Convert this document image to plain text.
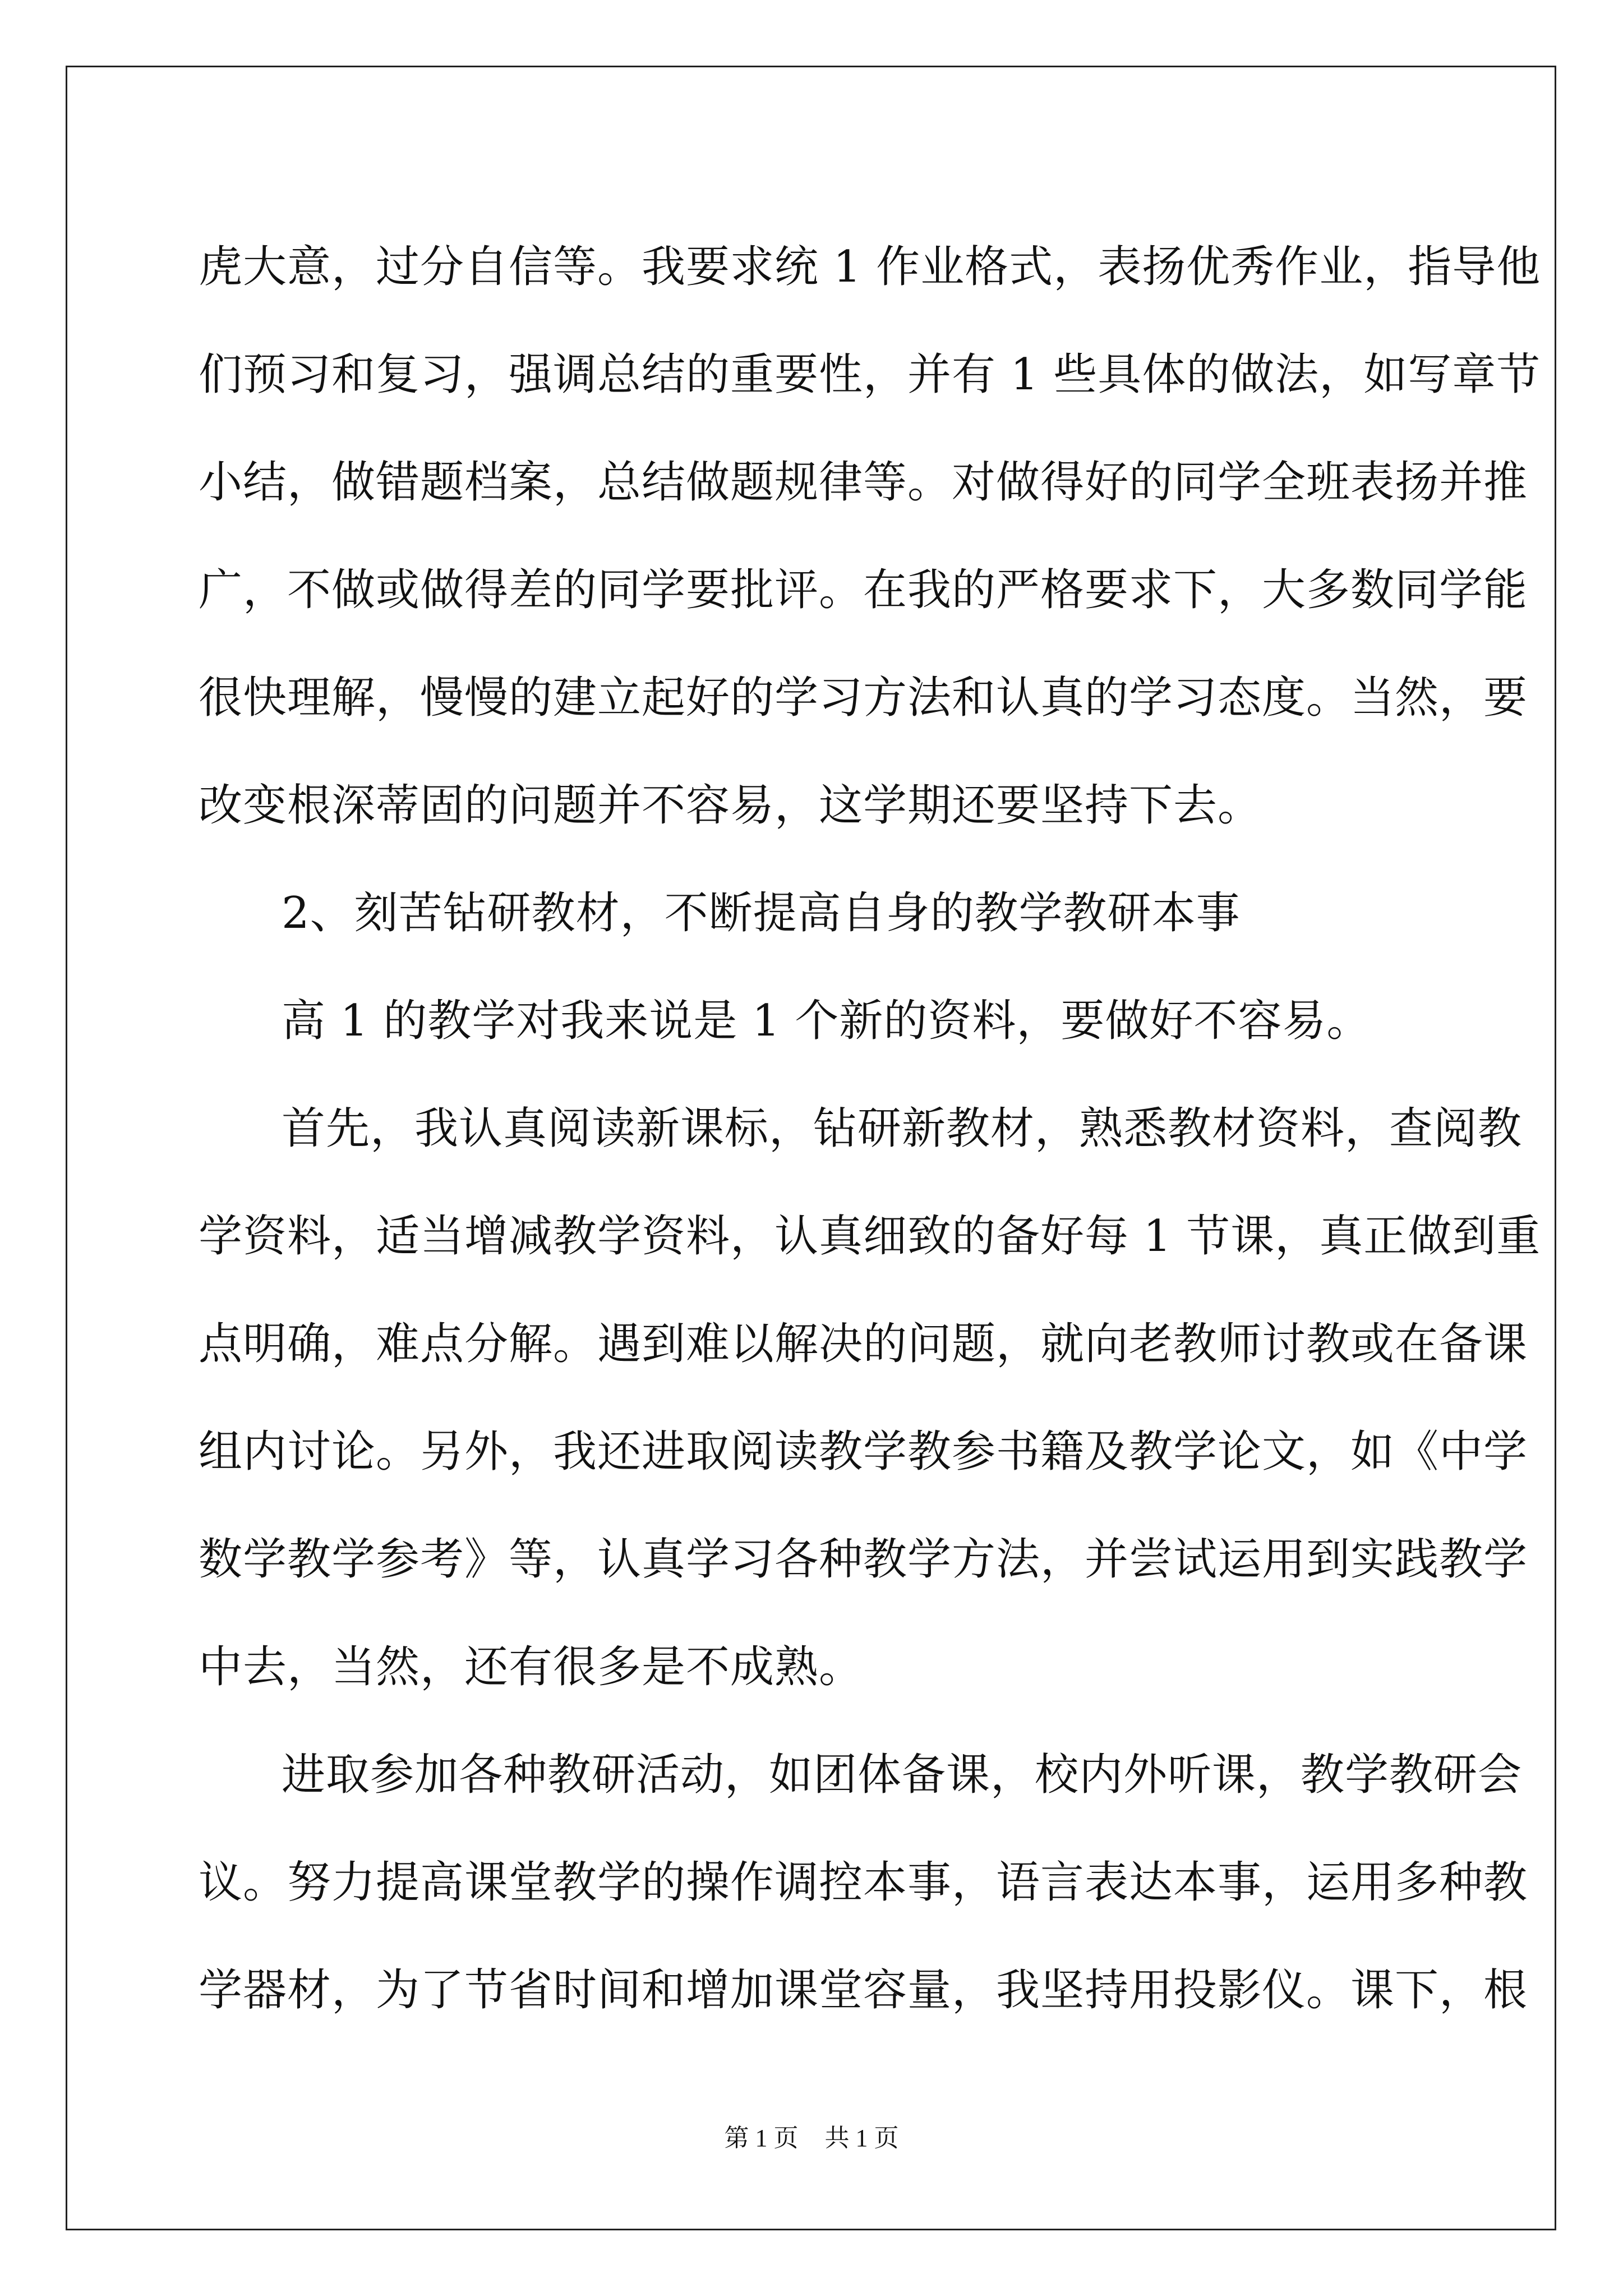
虎大意，过分自信等。我要求统 1 作业格式，表扬优秀作业，指导他
们预习和复习，强调总结的重要性，并有 1 些具体的做法，如写章节
小结，做错题档案，总结做题规律等。对做得好的同学全班表扬并推
广，不做或做得差的同学要批评。在我的严格要求下，大多数同学能
很快理解，慢慢的建立起好的学习方法和认真的学习态度。当然，要
改变根深蒂固的问题并不容易，这学期还要坚持下去。
2、刻苦钻研教材，不断提高自身的教学教研本事
高 1 的教学对我来说是 1 个新的资料，要做好不容易。
首先，我认真阅读新课标，钻研新教材，熟悉教材资料，查阅教
学资料，适当增减教学资料，认真细致的备好每 1 节课，真正做到重
点明确，难点分解。遇到难以解决的问题，就向老教师讨教或在备课
组内讨论。另外，我还进取阅读教学教参书籍及教学论文，如《中学
数学教学参考》等，认真学习各种教学方法，并尝试运用到实践教学
中去，当然，还有很多是不成熟。
进取参加各种教研活动，如团体备课，校内外听课，教学教研会
议。努力提高课堂教学的操作调控本事，语言表达本事，运用多种教
学器材，为了节省时间和增加课堂容量，我坚持用投影仪。课下，根
第 1 页 共 1 页
